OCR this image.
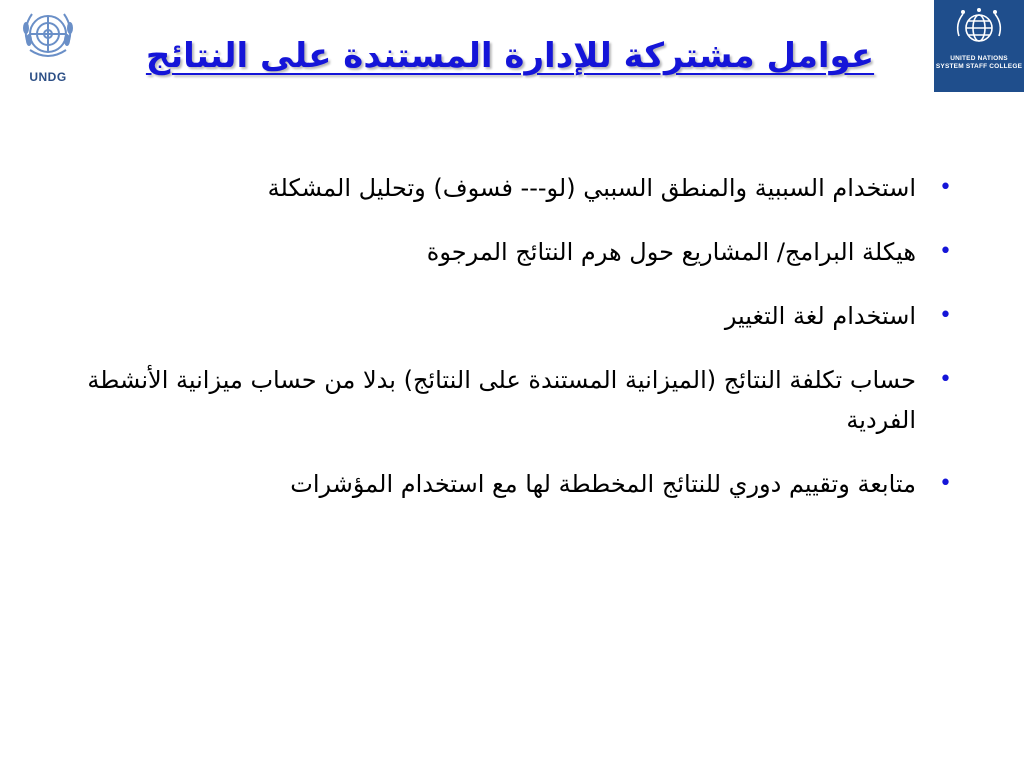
UNDG
UNITED NATIONS
SYSTEM STAFF COLLEGE
عوامل مشتركة للإدارة المستندة على النتائج
•
استخدام السببية والمنطق السببي (لو--- فسوف) وتحليل المشكلة
•
هيكلة البرامج/ المشاريع حول هرم النتائج المرجوة
•
استخدام لغة التغيير
•
حساب تكلفة النتائج (الميزانية المستندة على النتائج) بدلا من حساب ميزانية الأنشطة الفردية
•
متابعة وتقييم دوري للنتائج المخططة لها مع استخدام المؤشرات
